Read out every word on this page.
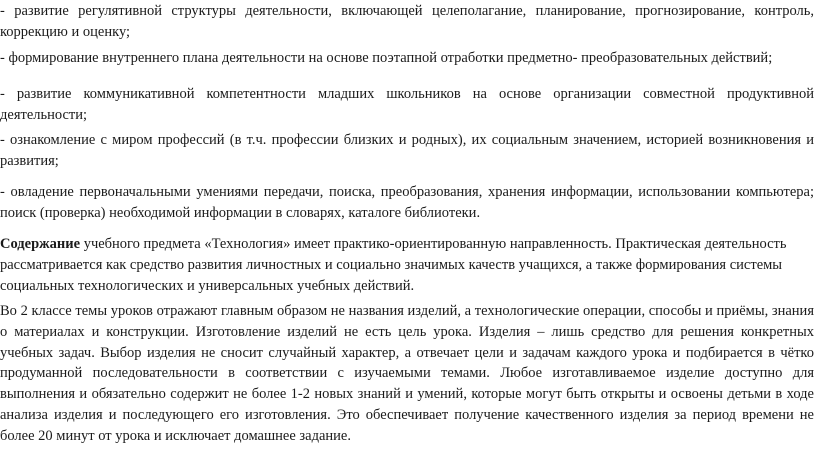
- развитие регулятивной структуры деятельности, включающей целеполагание, планирование, прогнозирование, контроль, коррекцию и оценку;

- формирование внутреннего плана деятельности на основе поэтапной отработки предметно- преобразовательных действий;

- развитие коммуникативной компетентности младших школьников на основе организации совместной продуктивной деятельности;

- ознакомление с миром профессий (в т.ч. профессии близких и родных), их социальным значением, историей возникновения и развития;

- овладение первоначальными умениями передачи, поиска, преобразования, хранения информации, использовании компьютера; поиск (проверка) необходимой информации в словарях, каталоге библиотеки.

Содержание учебного предмета «Технология» имеет практико-ориентированную направленность. Практическая деятельность рассматривается как средство развития личностных и социально значимых качеств учащихся, а также формирования системы социальных технологических и универсальных учебных действий.

Во 2 классе темы уроков отражают главным образом не названия изделий, а технологические операции, способы и приёмы, знания о материалах и конструкции. Изготовление изделий не есть цель урока. Изделия – лишь средство для решения конкретных учебных задач. Выбор изделия не сносит случайный характер, а отвечает цели и задачам каждого урока и подбирается в чётко продуманной последовательности в соответствии с изучаемыми темами. Любое изготавливаемое изделие доступно для выполнения и обязательно содержит не более 1-2 новых знаний и умений, которые могут быть открыты и освоены детьми в ходе анализа изделия и последующего его изготовления. Это обеспечивает получение качественного изделия за период времени не более 20 минут от урока и исключает домашнее задание.
